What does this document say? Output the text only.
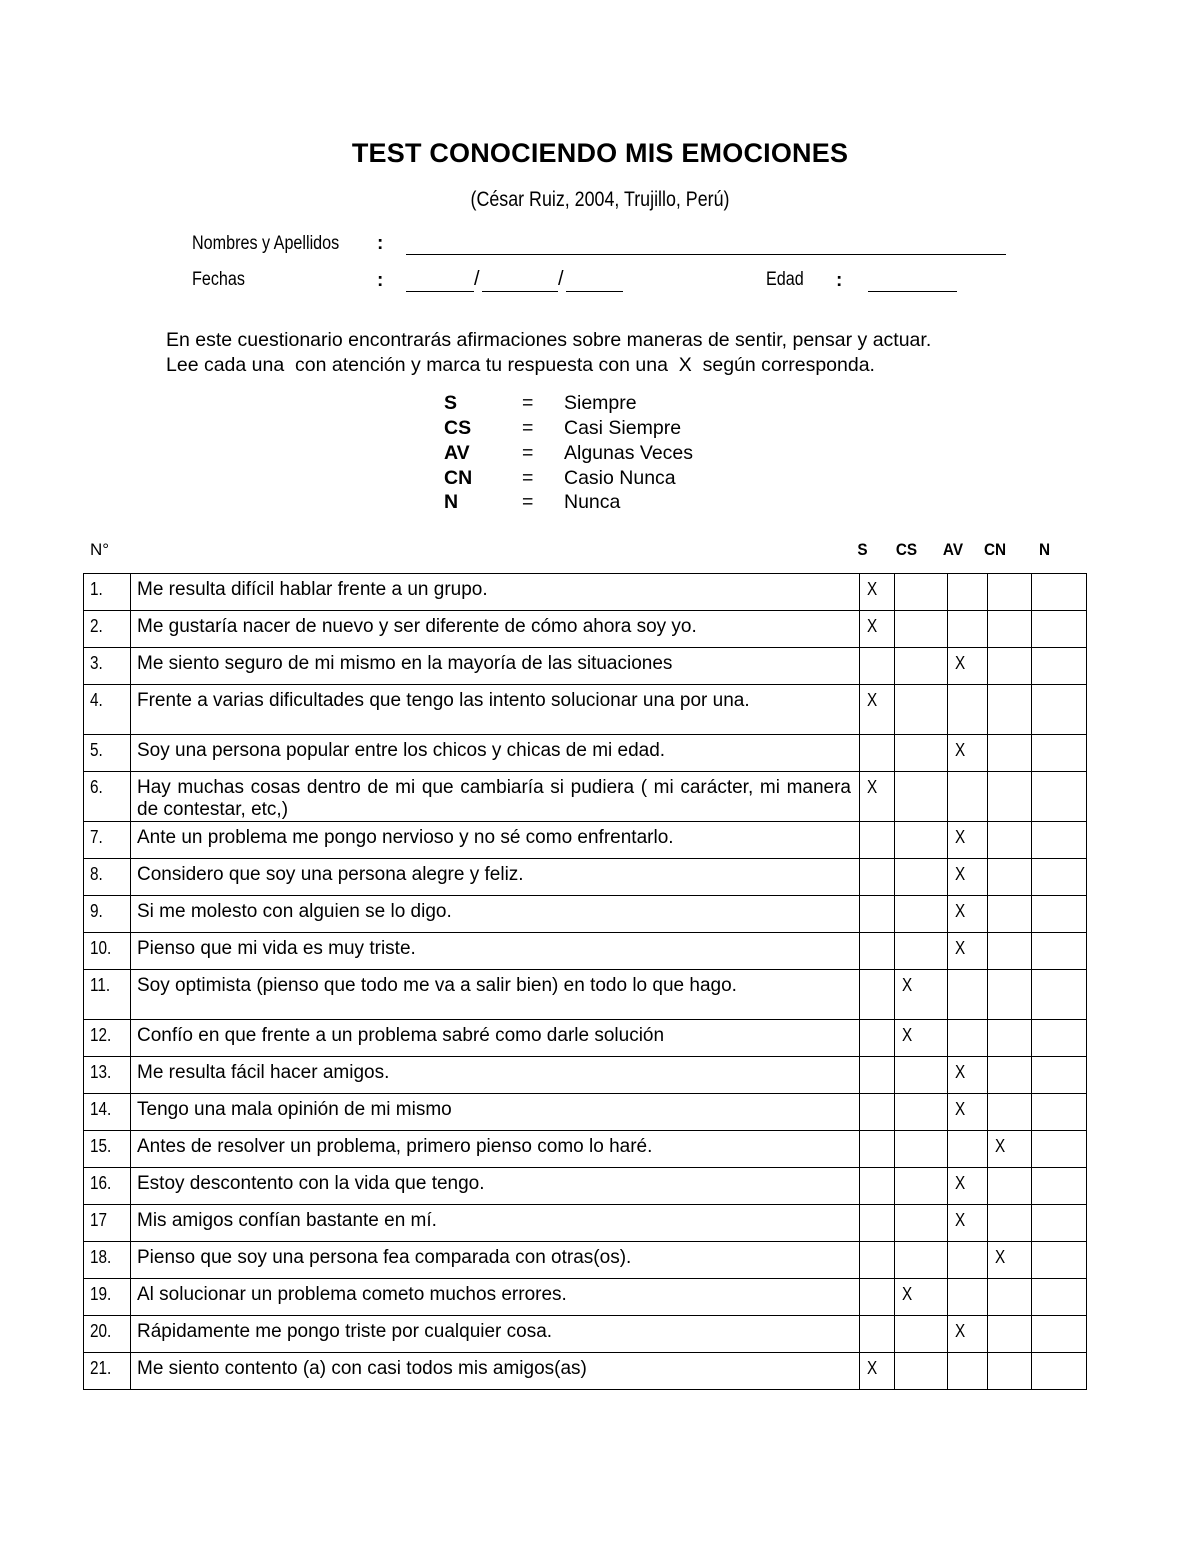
TEST CONOCIENDO MIS EMOCIONES
(César Ruiz, 2004, Trujillo, Perú)
Nombres y Apellidos :
Fechas	:	/	/	Edad :
En este cuestionario encontrarás afirmaciones sobre maneras de sentir, pensar y actuar.
Lee cada una  con atención y marca tu respuesta con una  X  según corresponda.
S	= Siempre
CS	= Casi Siempre
AV	= Algunas Veces
CN	= Casio Nunca
N	= Nunca
N°	S	CS	AV	CN	N
1.	Me resulta difícil hablar frente a un grupo.	X				
2.	Me gustaría nacer de nuevo y ser diferente de cómo ahora soy yo.	X				
3.	Me siento seguro de mi mismo en la mayoría de las situaciones			X		
4.	Frente a varias dificultades que tengo las intento solucionar una por una.	X				
5.	Soy una persona popular entre los chicos y chicas de mi edad.			X		
6.	Hay muchas cosas dentro de mi que cambiaría si pudiera ( mi carácter, mi manera de contestar, etc,)	X				
7.	Ante un problema me pongo nervioso y no sé como enfrentarlo.			X		
8.	Considero que soy una persona alegre y feliz.			X		
9.	Si me molesto con alguien se lo digo.			X		
10.	Pienso que mi vida es muy triste.			X		
11.	Soy optimista (pienso que todo me va a salir bien) en todo lo que hago.		X			
12.	Confío en que frente a un problema sabré como darle solución		X			
13.	Me resulta fácil hacer amigos.			X		
14.	Tengo una mala opinión de mi mismo			X		
15.	Antes de resolver un problema, primero pienso como lo haré.				X	
16.	Estoy descontento con la vida que tengo.			X		
17	Mis amigos confían bastante en mí.			X		
18.	Pienso que soy una persona fea comparada con otras(os).				X	
19.	Al solucionar un problema cometo muchos errores.		X			
20.	Rápidamente me pongo triste por cualquier cosa.			X		
21.	Me siento contento (a) con casi todos mis amigos(as)	X				
